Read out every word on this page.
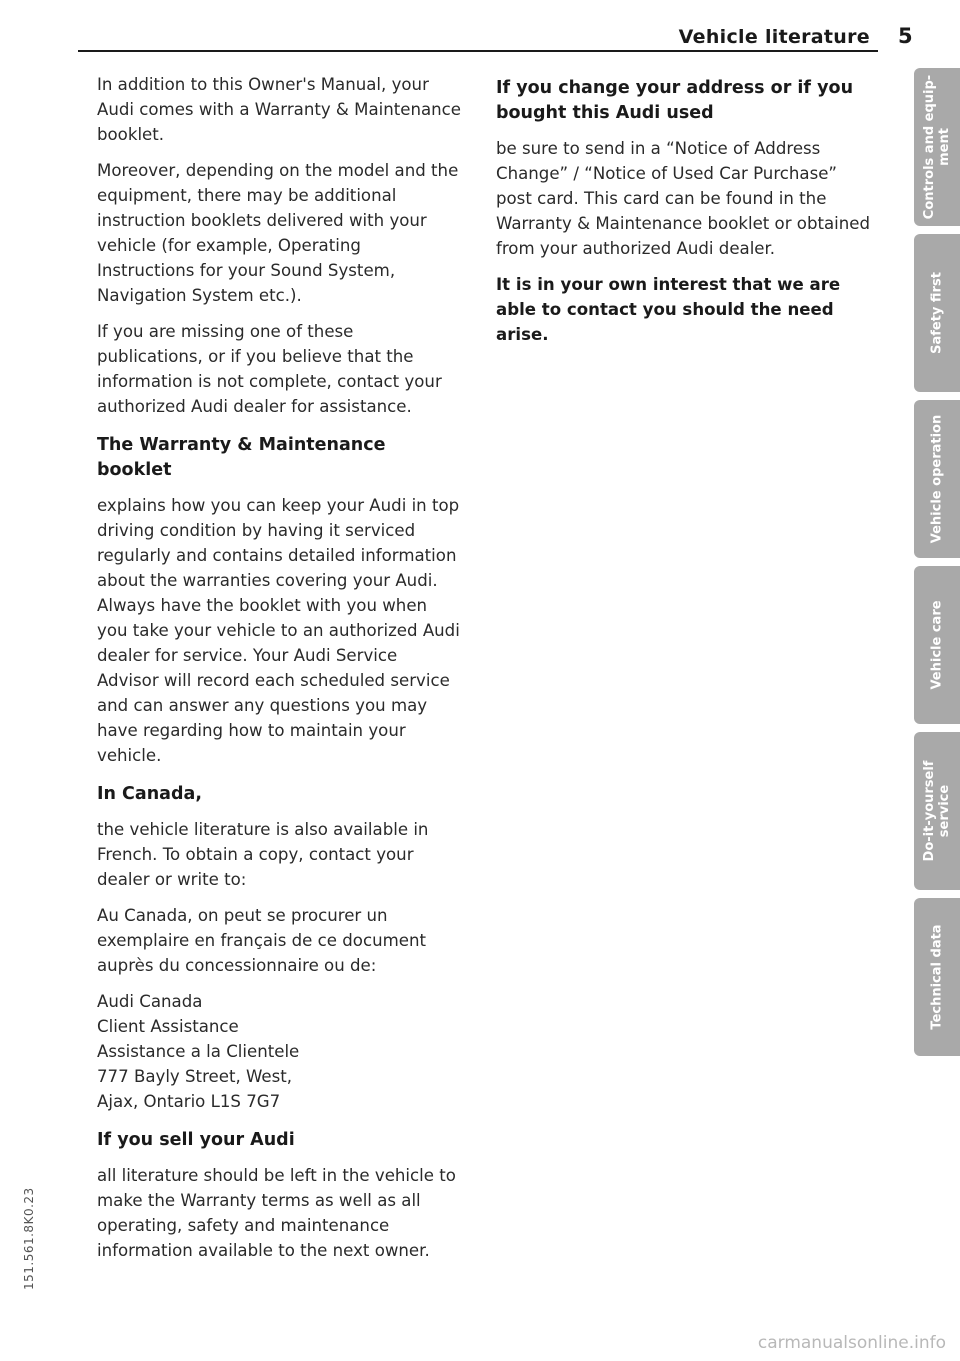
Vehicle literature 5

In addition to this Owner's Manual, your Audi comes with a Warranty & Maintenance booklet.

Moreover, depending on the model and the equipment, there may be additional instruction booklets delivered with your vehicle (for example, Operating Instructions for your Sound System, Navigation System etc.).

If you are missing one of these publications, or if you believe that the information is not complete, contact your authorized Audi dealer for assistance.

The Warranty & Maintenance booklet

explains how you can keep your Audi in top driving condition by having it serviced regularly and contains detailed information about the warranties covering your Audi. Always have the booklet with you when you take your vehicle to an authorized Audi dealer for service. Your Audi Service Advisor will record each scheduled service and can answer any questions you may have regarding how to maintain your vehicle.

In Canada,

the vehicle literature is also available in French. To obtain a copy, contact your dealer or write to:

Au Canada, on peut se procurer un exemplaire en français de ce document auprès du concessionnaire ou de:

Audi Canada
Client Assistance
Assistance a la Clientele
777 Bayly Street, West,
Ajax, Ontario L1S 7G7
If you sell your Audi

all literature should be left in the vehicle to make the Warranty terms as well as all operating, safety and maintenance information available to the next owner.

If you change your address or if you bought this Audi used

be sure to send in a “Notice of Address Change” / “Notice of Used Car Purchase” post card. This card can be found in the Warranty & Maintenance booklet or obtained from your authorized Audi dealer.

It is in your own interest that we are able to contact you should the need arise.

Controls and equip- ment
Safety first
Vehicle operation
Vehicle care
Do-it-yourself service
Technical data
151.561.8K0.23
carmanualsonline.info
